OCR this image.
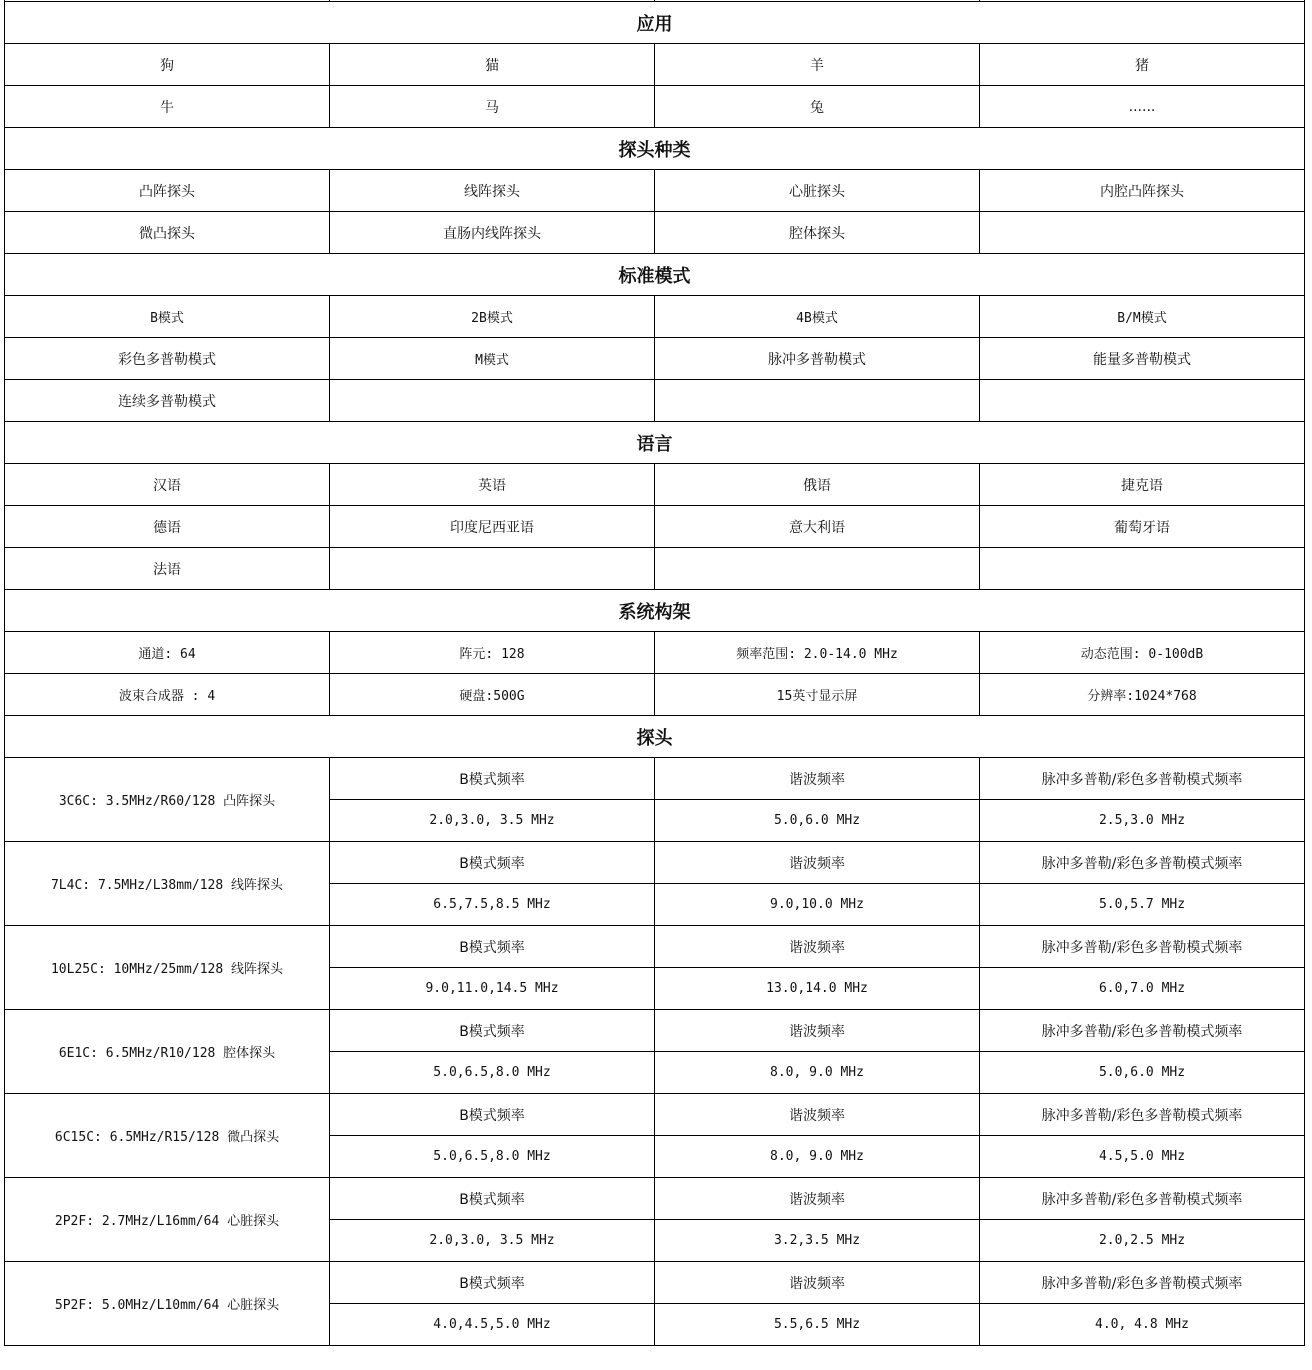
应用			
狗	猫	羊	猪
牛	马	兔	......
探头种类			
凸阵探头	线阵探头	心脏探头	内腔凸阵探头
微凸探头	直肠内线阵探头	腔体探头	
标准模式			
B模式	2B模式	4B模式	B/M模式
彩色多普勒模式	M模式	脉冲多普勒模式	能量多普勒模式
连续多普勒模式			
语言			
汉语	英语	俄语	捷克语
德语	印度尼西亚语	意大利语	葡萄牙语
法语			
系统构架			
通道: 64	阵元: 128	频率范围: 2.0-14.0 MHz	动态范围: 0-100dB
波束合成器 : 4	硬盘:500G	15英寸显示屏	分辨率:1024*768
探头			
3C6C: 3.5MHz/R60/128 凸阵探头	B模式频率	谐波频率	脉冲多普勒/彩色多普勒模式频率
	2.0,3.0, 3.5 MHz	5.0,6.0 MHz	2.5,3.0 MHz
7L4C: 7.5MHz/L38mm/128 线阵探头	B模式频率	谐波频率	脉冲多普勒/彩色多普勒模式频率
	6.5,7.5,8.5 MHz	9.0,10.0 MHz	5.0,5.7 MHz
10L25C: 10MHz/25mm/128 线阵探头	B模式频率	谐波频率	脉冲多普勒/彩色多普勒模式频率
	9.0,11.0,14.5 MHz	13.0,14.0 MHz	6.0,7.0 MHz
6E1C: 6.5MHz/R10/128 腔体探头	B模式频率	谐波频率	脉冲多普勒/彩色多普勒模式频率
	5.0,6.5,8.0 MHz	8.0, 9.0 MHz	5.0,6.0 MHz
6C15C: 6.5MHz/R15/128 微凸探头	B模式频率	谐波频率	脉冲多普勒/彩色多普勒模式频率
	5.0,6.5,8.0 MHz	8.0, 9.0 MHz	4.5,5.0 MHz
2P2F: 2.7MHz/L16mm/64 心脏探头	B模式频率	谐波频率	脉冲多普勒/彩色多普勒模式频率
	2.0,3.0, 3.5 MHz	3.2,3.5 MHz	2.0,2.5 MHz
5P2F: 5.0MHz/L10mm/64 心脏探头	B模式频率	谐波频率	脉冲多普勒/彩色多普勒模式频率
	4.0,4.5,5.0 MHz	5.5,6.5 MHz	4.0, 4.8 MHz
